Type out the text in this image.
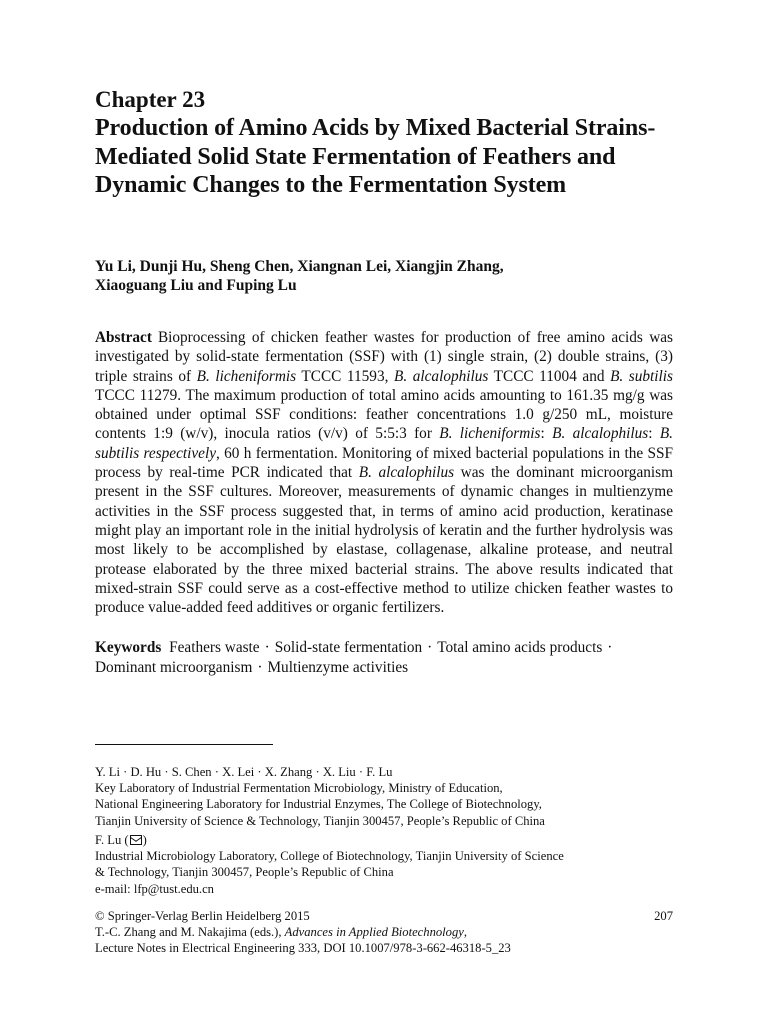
Chapter 23
Production of Amino Acids by Mixed Bacterial Strains-Mediated Solid State Fermentation of Feathers and Dynamic Changes to the Fermentation System
Yu Li, Dunji Hu, Sheng Chen, Xiangnan Lei, Xiangjin Zhang,
Xiaoguang Liu and Fuping Lu
Abstract Bioprocessing of chicken feather wastes for production of free amino acids was investigated by solid-state fermentation (SSF) with (1) single strain, (2) double strains, (3) triple strains of B. licheniformis TCCC 11593, B. alcalophilus TCCC 11004 and B. subtilis TCCC 11279. The maximum production of total amino acids amounting to 161.35 mg/g was obtained under optimal SSF conditions: feather concentrations 1.0 g/250 mL, moisture contents 1:9 (w/v), inocula ratios (v/v) of 5:5:3 for B. licheniformis: B. alcalophilus: B. subtilis respectively, 60 h fermentation. Monitoring of mixed bacterial populations in the SSF process by real-time PCR indicated that B. alcalophilus was the dominant microorganism present in the SSF cultures. Moreover, measurements of dynamic changes in multienzyme activities in the SSF process suggested that, in terms of amino acid production, keratinase might play an important role in the initial hydrolysis of keratin and the further hydrolysis was most likely to be accomplished by elastase, collagenase, alkaline protease, and neutral protease elaborated by the three mixed bacterial strains. The above results indicated that mixed-strain SSF could serve as a cost-effective method to utilize chicken feather wastes to produce value-added feed additives or organic fertilizers.
Keywords Feathers waste · Solid-state fermentation · Total amino acids products ·
Dominant microorganism · Multienzyme activities
Y. Li · D. Hu · S. Chen · X. Lei · X. Zhang · X. Liu · F. Lu
Key Laboratory of Industrial Fermentation Microbiology, Ministry of Education,
National Engineering Laboratory for Industrial Enzymes, The College of Biotechnology,
Tianjin University of Science & Technology, Tianjin 300457, People’s Republic of China
F. Lu ( )
Industrial Microbiology Laboratory, College of Biotechnology, Tianjin University of Science
& Technology, Tianjin 300457, People’s Republic of China
e-mail: lfp@tust.edu.cn
© Springer-Verlag Berlin Heidelberg 2015	207
T.-C. Zhang and M. Nakajima (eds.), Advances in Applied Biotechnology,
Lecture Notes in Electrical Engineering 333, DOI 10.1007/978-3-662-46318-5_23
